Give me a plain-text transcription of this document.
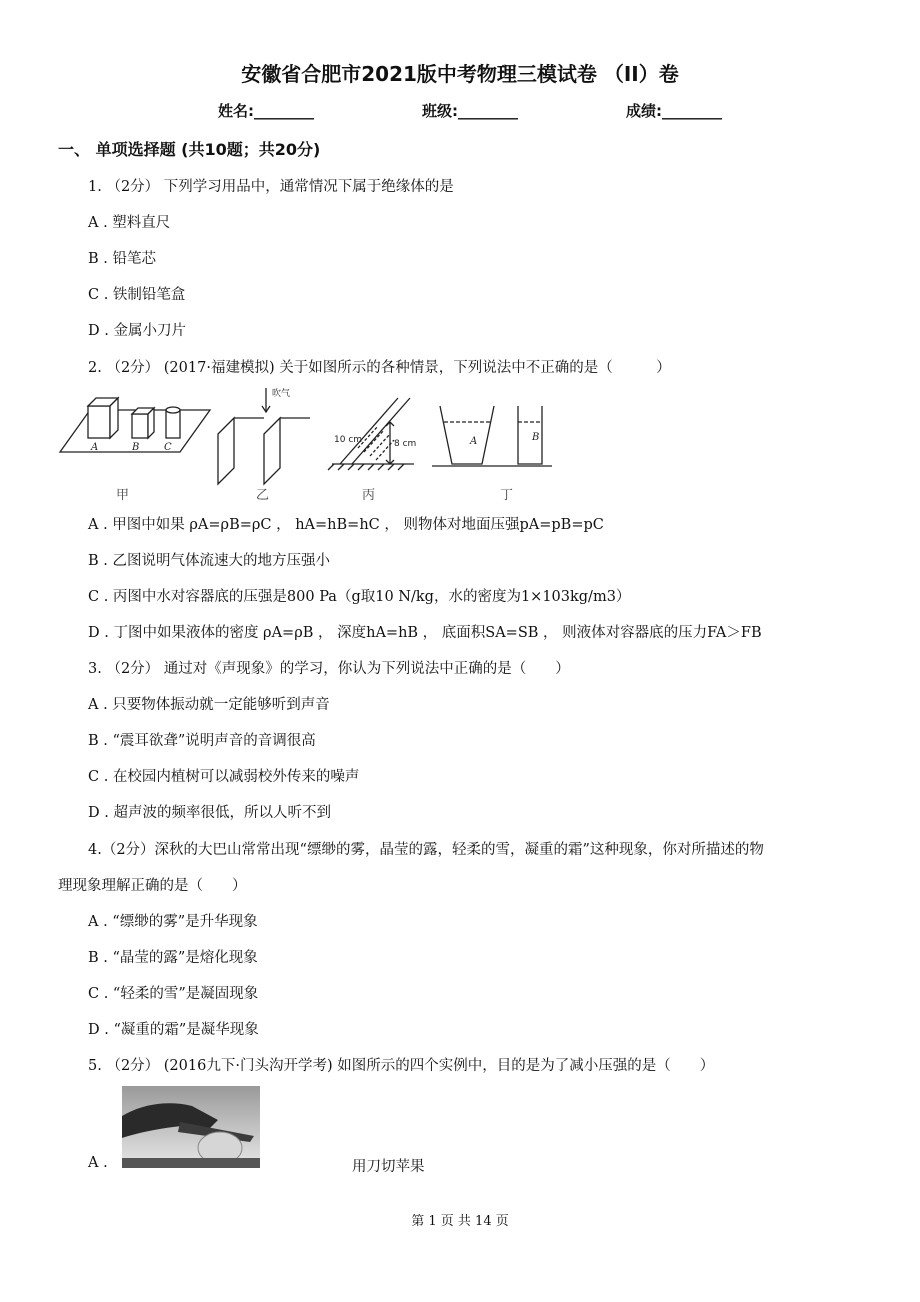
安徽省合肥市2021版中考物理三模试卷 （II）卷
姓名:________	班级:________	成绩:________
一、 单项选择题 (共10题；共20分)
1. （2分） 下列学习用品中，通常情况下属于绝缘体的是
A . 塑料直尺
B . 铅笔芯
C . 铁制铅笔盒
D . 金属小刀片
2. （2分） (2017·福建模拟) 关于如图所示的各种情景，下列说法中不正确的是（　　　）
A	B C
A	B
吹气
10 cm	8 cm
甲	乙	丙	丁
A . 甲图中如果 ρA=ρB=ρC ， hA=hB=hC ， 则物体对地面压强pA=pB=pC
B . 乙图说明气体流速大的地方压强小
C . 丙图中水对容器底的压强是800 Pa（g取10 N/kg，水的密度为1×103kg/m3）
D . 丁图中如果液体的密度 ρA=ρB ， 深度hA=hB ， 底面积SA=SB ， 则液体对容器底的压力FA＞FB
3. （2分） 通过对《声现象》的学习，你认为下列说法中正确的是（　　）
A . 只要物体振动就一定能够听到声音
B . “震耳欲聋”说明声音的音调很高
C . 在校园内植树可以减弱校外传来的噪声
D . 超声波的频率很低，所以人听不到
4.（2分）深秋的大巴山常常出现“缥缈的雾，晶莹的露，轻柔的雪，凝重的霜”这种现象，你对所描述的物
理现象理解正确的是（　　）
A . “缥缈的雾”是升华现象
B . “晶莹的露”是熔化现象
C . “轻柔的雪”是凝固现象
D . “凝重的霜”是凝华现象
5. （2分） (2016九下·门头沟开学考) 如图所示的四个实例中，目的是为了减小压强的是（　　）
A .	用刀切苹果
第 1 页 共 14 页
